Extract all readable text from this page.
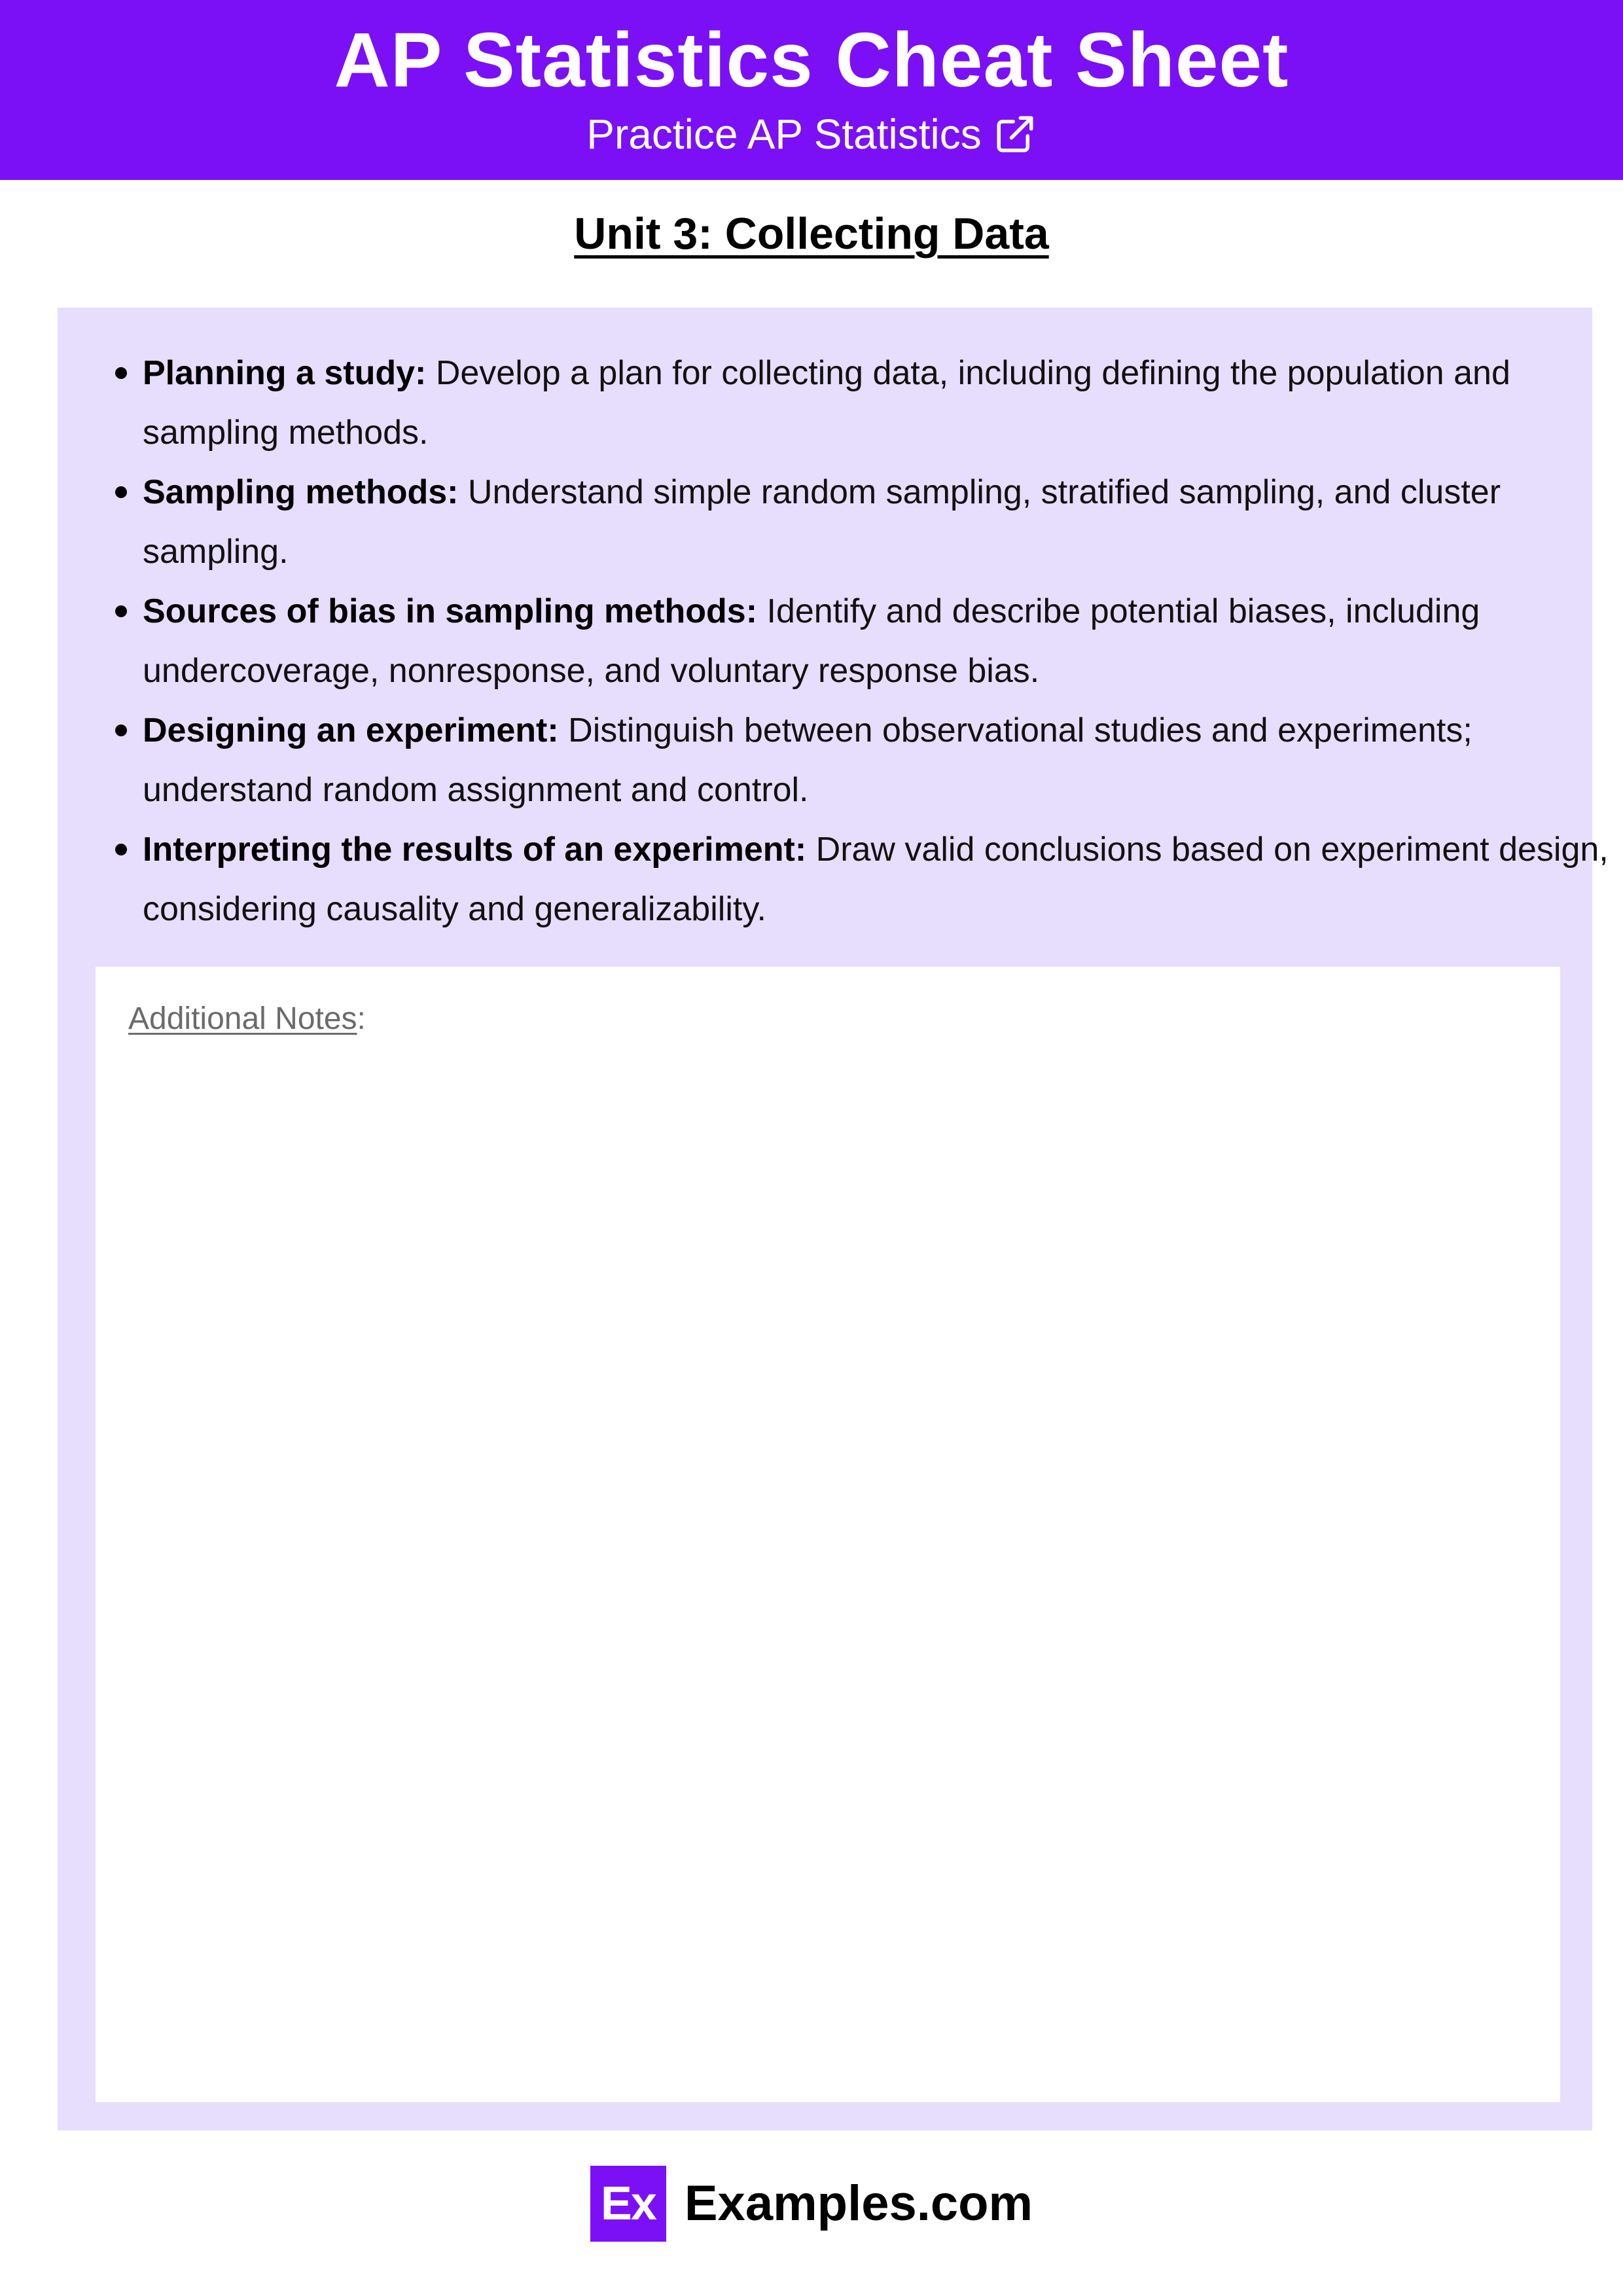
AP Statistics Cheat Sheet
Practice AP Statistics
Unit 3: Collecting Data
Planning a study: Develop a plan for collecting data, including defining the population and sampling methods.
Sampling methods: Understand simple random sampling, stratified sampling, and cluster sampling.
Sources of bias in sampling methods: Identify and describe potential biases, including undercoverage, nonresponse, and voluntary response bias.
Designing an experiment: Distinguish between observational studies and experiments; understand random assignment and control.
Interpreting the results of an experiment: Draw valid conclusions based on experiment design, considering causality and generalizability.
Additional Notes:
Ex Examples.com
